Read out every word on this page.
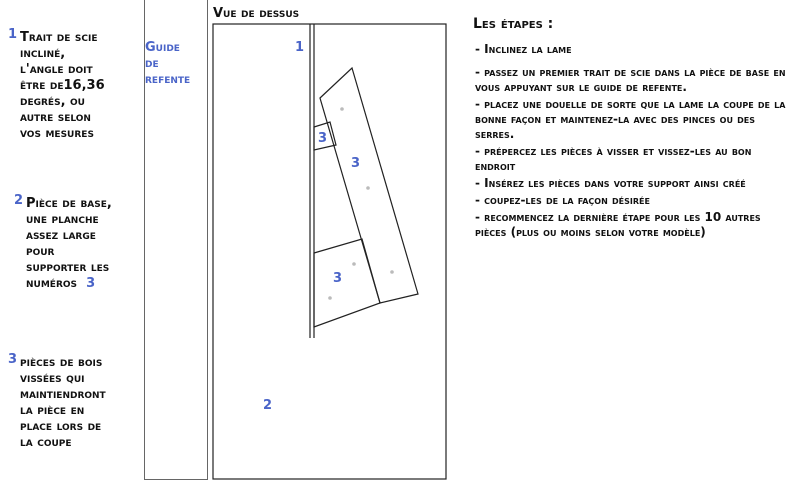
1 Trait de scie
incliné,
l'angle doit
être de16,36
degrés, ou
autre selon
vos mesures
2 Pièce de base,
une planche
assez large
pour
supporter les
numéros 3
3 pièces de bois
vissées qui
maintiendront
la pièce en
place lors de
la coupe
Guide
de
refente
Vue de dessus
1
2
3
3
3
Les étapes :
- Inclinez la lame
- passez un premier trait de scie dans la pièce de base en vous appuyant sur le guide de refente.
- placez une douelle de sorte que la lame la coupe de la bonne façon et maintenez-la avec des pinces ou des serres.
- prépercez les pièces à visser et vissez-les au bon endroit
- Insérez les pièces dans votre support ainsi créé
- coupez-les de la façon désirée
- recommencez la dernière étape pour les 10 autres pièces (plus ou moins selon votre modèle)
